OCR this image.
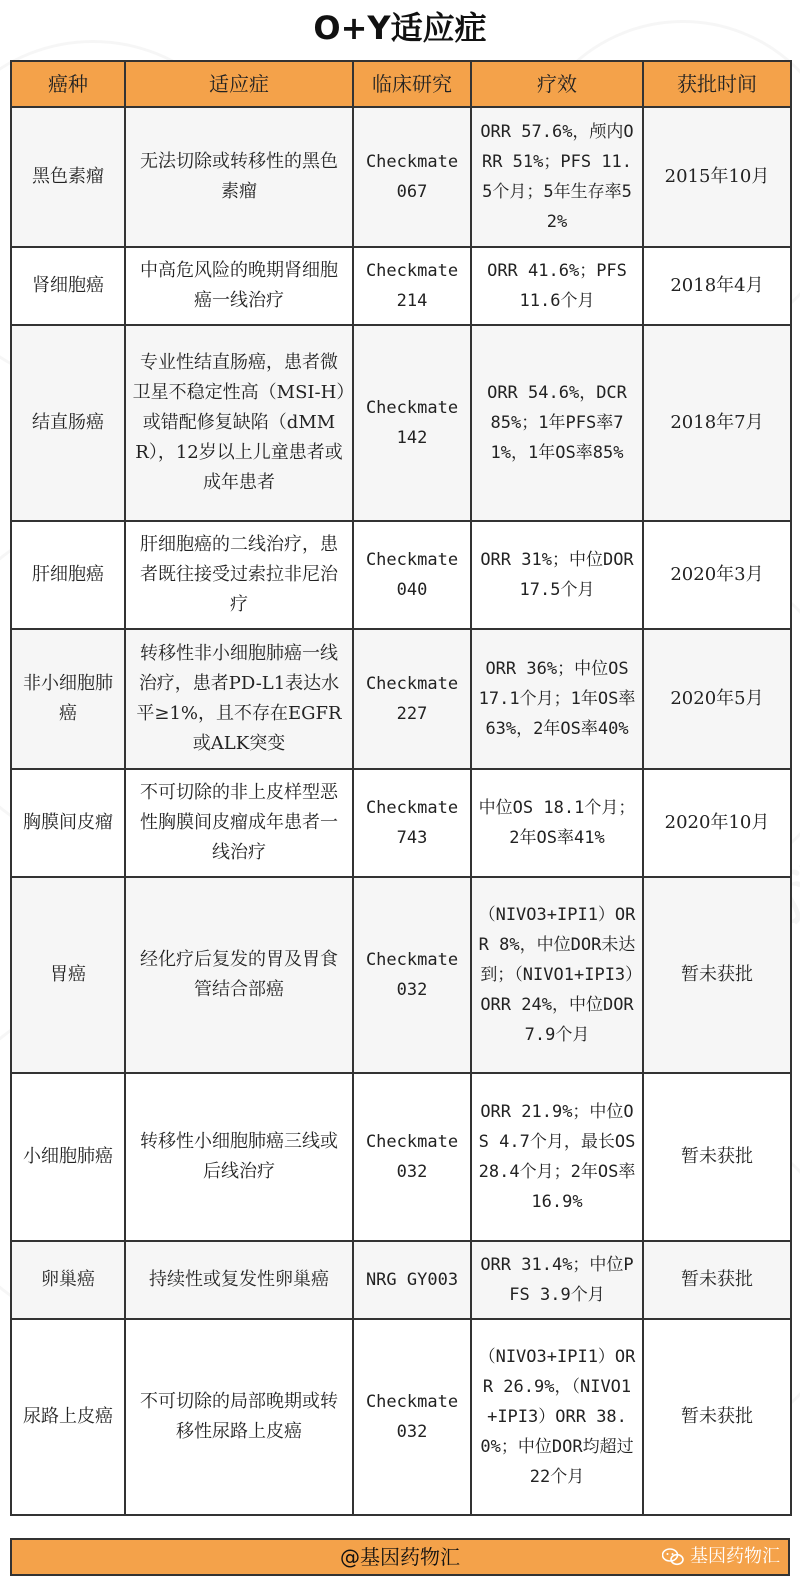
O+Y适应症
癌种	适应症	临床研究	疗效	获批时间
黑色素瘤	无法切除或转移性的黑色素瘤	Checkmate 067	ORR 57.6%，颅内ORR 51%；PFS 11.5个月；5年生存率52%	2015年10月
肾细胞癌	中高危风险的晚期肾细胞癌一线治疗	Checkmate 214	ORR 41.6%；PFS 11.6个月	2018年4月
结直肠癌	专业性结直肠癌，患者微卫星不稳定性高（MSI-H）或错配修复缺陷（dMMR），12岁以上儿童患者或成年患者	Checkmate 142	ORR 54.6%，DCR 85%；1年PFS率71%，1年OS率85%	2018年7月
肝细胞癌	肝细胞癌的二线治疗，患者既往接受过索拉非尼治疗	Checkmate 040	ORR 31%；中位DOR 17.5个月	2020年3月
非小细胞肺癌	转移性非小细胞肺癌一线治疗，患者PD-L1表达水平≥1%，且不存在EGFR或ALK突变	Checkmate 227	ORR 36%；中位OS 17.1个月；1年OS率63%，2年OS率40%	2020年5月
胸膜间皮瘤	不可切除的非上皮样型恶性胸膜间皮瘤成年患者一线治疗	Checkmate 743	中位OS 18.1个月；2年OS率41%	2020年10月
胃癌	经化疗后复发的胃及胃食管结合部癌	Checkmate 032	（NIVO3+IPI1）ORR 8%，中位DOR未达到；（NIVO1+IPI3）ORR 24%，中位DOR 7.9个月	暂未获批
小细胞肺癌	转移性小细胞肺癌三线或后线治疗	Checkmate 032	ORR 21.9%；中位OS 4.7个月，最长OS 28.4个月；2年OS率16.9%	暂未获批
卵巢癌	持续性或复发性卵巢癌	NRG GY003	ORR 31.4%；中位PFS 3.9个月	暂未获批
尿路上皮癌	不可切除的局部晚期或转移性尿路上皮癌	Checkmate 032	（NIVO3+IPI1）ORR 26.9%，（NIVO1+IPI3）ORR 38.0%；中位DOR均超过22个月	暂未获批
@基因药物汇	基因药物汇
